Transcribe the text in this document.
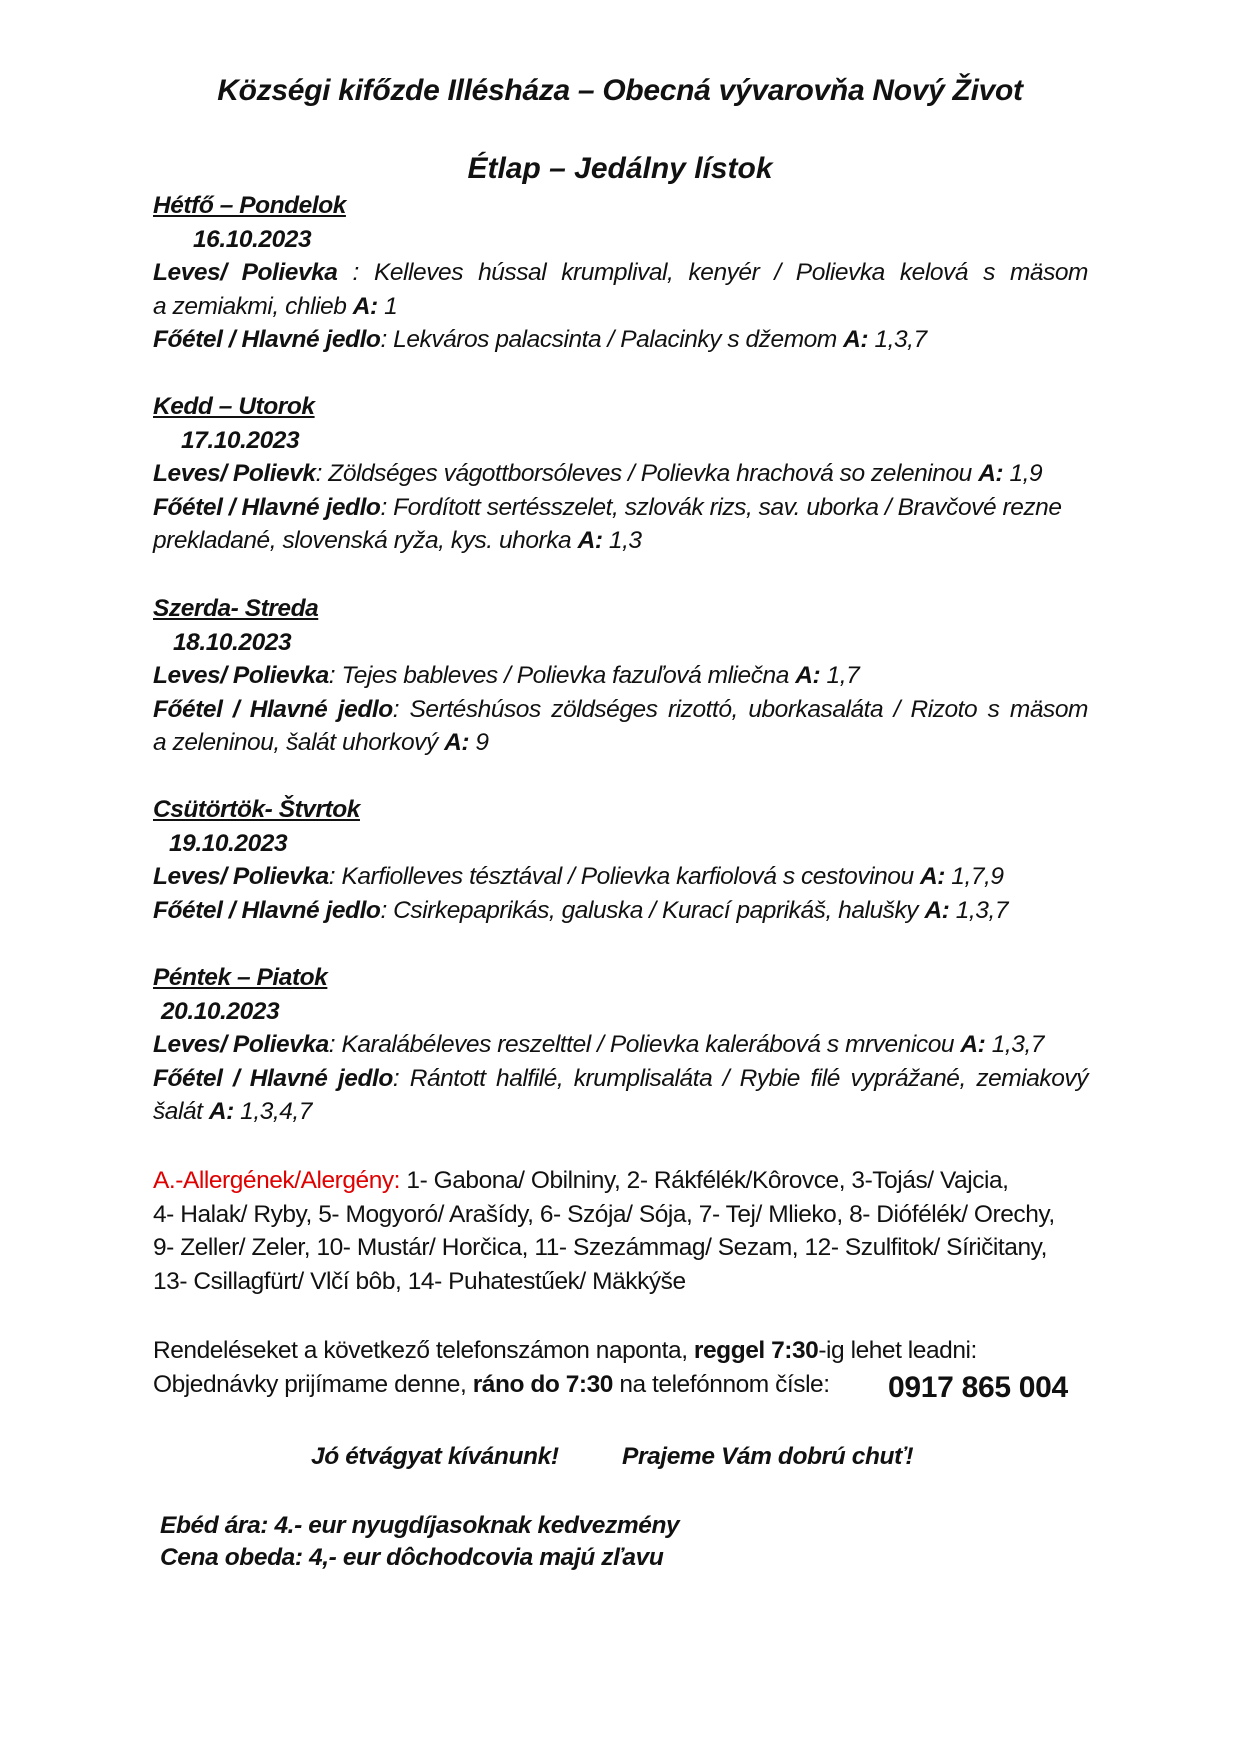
Községi kifőzde Illésháza – Obecná vývarovňa Nový Život
Étlap – Jedálny lístok
Hétfő – Pondelok
16.10.2023
Leves/ Polievka : Kelleves hússal krumplival, kenyér / Polievka kelová s mäsom
a zemiakmi, chlieb A: 1
Főétel / Hlavné jedlo: Lekváros palacsinta / Palacinky s džemom A: 1,3,7
Kedd – Utorok
17.10.2023
Leves/ Polievk: Zöldséges vágottborsóleves / Polievka hrachová so zeleninou A: 1,9
Főétel / Hlavné jedlo: Fordított sertésszelet, szlovák rizs, sav. uborka / Bravčové rezne
prekladané, slovenská ryža, kys. uhorka A: 1,3
Szerda- Streda
18.10.2023
Leves/ Polievka: Tejes bableves / Polievka fazuľová mliečna A: 1,7
Főétel / Hlavné jedlo: Sertéshúsos zöldséges rizottó, uborkasaláta / Rizoto s mäsom
a zeleninou, šalát uhorkový A: 9
Csütörtök- Štvrtok
19.10.2023
Leves/ Polievka: Karfiolleves tésztával / Polievka karfiolová s cestovinou A: 1,7,9
Főétel / Hlavné jedlo: Csirkepaprikás, galuska / Kurací paprikáš, halušky A: 1,3,7
Péntek – Piatok
20.10.2023
Leves/ Polievka: Karalábéleves reszelttel / Polievka kalerábová s mrvenicou A: 1,3,7
Főétel / Hlavné jedlo: Rántott halfilé, krumplisaláta / Rybie filé vyprážané, zemiakový
šalát A: 1,3,4,7
A.-Allergének/Alergény: 1- Gabona/ Obilniny, 2- Rákfélék/Kôrovce, 3-Tojás/ Vajcia,
4- Halak/ Ryby, 5- Mogyoró/ Arašídy, 6- Szója/ Sója, 7- Tej/ Mlieko, 8- Diófélék/ Orechy,
9- Zeller/ Zeler, 10- Mustár/ Horčica, 11- Szezámmag/ Sezam, 12- Szulfitok/ Síričitany,
13- Csillagfürt/ Vlčí bôb, 14- Puhatestűek/ Mäkkýše
Rendeléseket a következő telefonszámon naponta, reggel 7:30-ig lehet leadni:
Objednávky prijímame denne, ráno do 7:30 na telefónnom čísle:	0917 865 004
Jó étvágyat kívánunk!	Prajeme Vám dobrú chuť!
Ebéd ára: 4.- eur nyugdíjasoknak kedvezmény
Cena obeda: 4,- eur dôchodcovia majú zľavu
